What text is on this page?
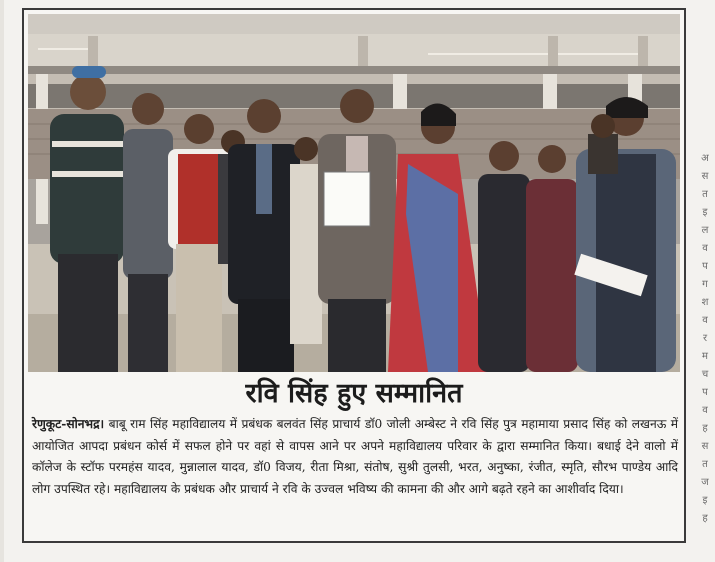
रवि सिंह हुए सम्मानित
रेणुकूट-सोनभद्र। बाबू राम सिंह महाविद्यालय में प्रबंधक बलवंत सिंह प्राचार्य डॉ0 जोली अम्बेस्ट ने रवि सिंह पुत्र महामाया प्रसाद सिंह को लखनऊ में आयोजित आपदा प्रबंधन कोर्स में सफल होने पर वहां से वापस आने पर अपने महाविद्यालय परिवार के द्वारा सम्मानित किया। बधाई देने वालो में कॉलेज के स्टॉफ परमहंस यादव, मुन्नालाल यादव, डॉ0 विजय, रीता मिश्रा, संतोष, सुश्री तुलसी, भरत, अनुष्का, रंजीत, स्मृति, सौरभ पाण्डेय आदि लोग उपस्थित रहे। महाविद्यालय के प्रबंधक और प्राचार्य ने रवि के उज्वल भविष्य की कामना की और आगे बढ़ते रहने का आशीर्वाद दिया।
अ
स
त
इ
ल
व
प
ग
श
व
र
म
च
प
व
ह
स
त
ज
इ
ह
